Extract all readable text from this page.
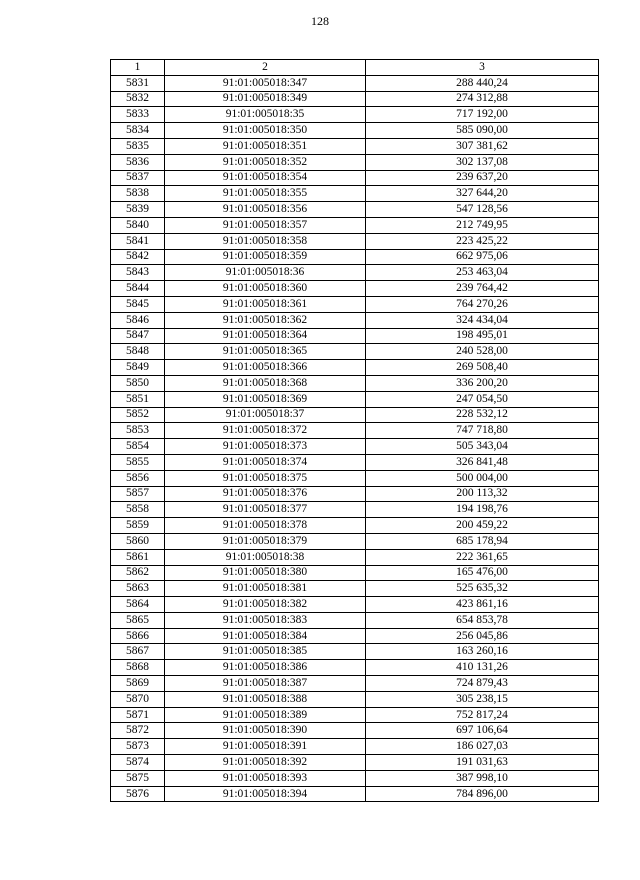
128
1	2	3
5831	91:01:005018:347	288 440,24
5832	91:01:005018:349	274 312,88
5833	91:01:005018:35	717 192,00
5834	91:01:005018:350	585 090,00
5835	91:01:005018:351	307 381,62
5836	91:01:005018:352	302 137,08
5837	91:01:005018:354	239 637,20
5838	91:01:005018:355	327 644,20
5839	91:01:005018:356	547 128,56
5840	91:01:005018:357	212 749,95
5841	91:01:005018:358	223 425,22
5842	91:01:005018:359	662 975,06
5843	91:01:005018:36	253 463,04
5844	91:01:005018:360	239 764,42
5845	91:01:005018:361	764 270,26
5846	91:01:005018:362	324 434,04
5847	91:01:005018:364	198 495,01
5848	91:01:005018:365	240 528,00
5849	91:01:005018:366	269 508,40
5850	91:01:005018:368	336 200,20
5851	91:01:005018:369	247 054,50
5852	91:01:005018:37	228 532,12
5853	91:01:005018:372	747 718,80
5854	91:01:005018:373	505 343,04
5855	91:01:005018:374	326 841,48
5856	91:01:005018:375	500 004,00
5857	91:01:005018:376	200 113,32
5858	91:01:005018:377	194 198,76
5859	91:01:005018:378	200 459,22
5860	91:01:005018:379	685 178,94
5861	91:01:005018:38	222 361,65
5862	91:01:005018:380	165 476,00
5863	91:01:005018:381	525 635,32
5864	91:01:005018:382	423 861,16
5865	91:01:005018:383	654 853,78
5866	91:01:005018:384	256 045,86
5867	91:01:005018:385	163 260,16
5868	91:01:005018:386	410 131,26
5869	91:01:005018:387	724 879,43
5870	91:01:005018:388	305 238,15
5871	91:01:005018:389	752 817,24
5872	91:01:005018:390	697 106,64
5873	91:01:005018:391	186 027,03
5874	91:01:005018:392	191 031,63
5875	91:01:005018:393	387 998,10
5876	91:01:005018:394	784 896,00
